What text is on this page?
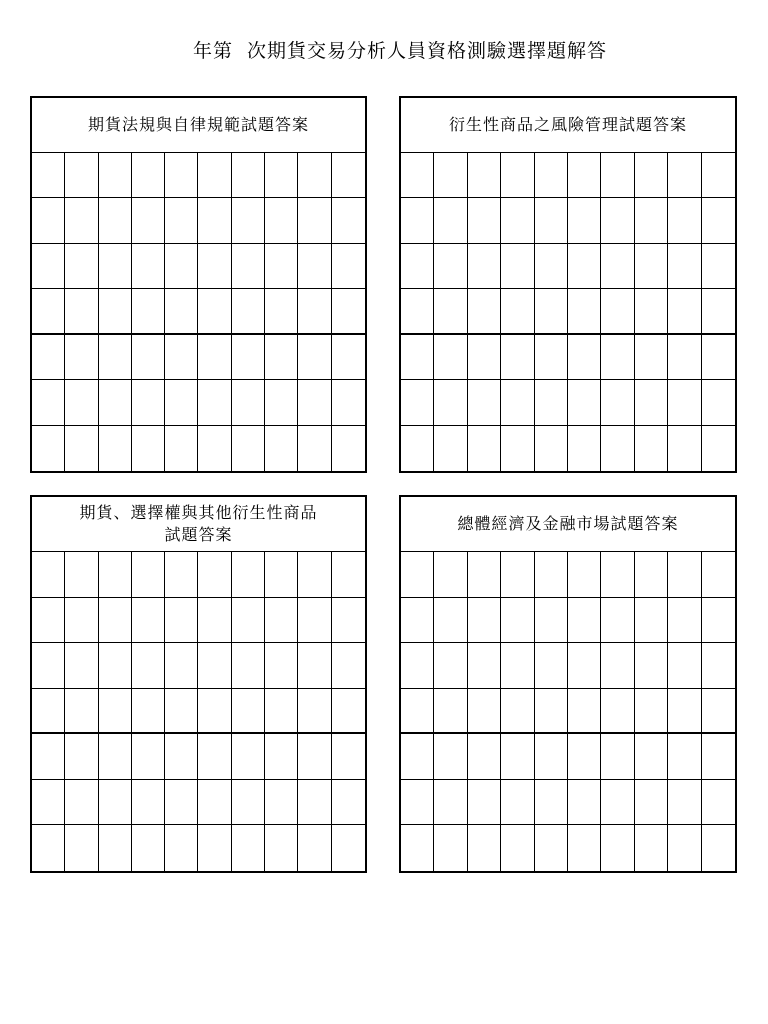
年第  次期貨交易分析人員資格測驗選擇題解答
期貨法規與自律規範試題答案	衍生性商品之風險管理試題答案
期貨、選擇權與其他衍生性商品
試題答案
總體經濟及金融市場試題答案
